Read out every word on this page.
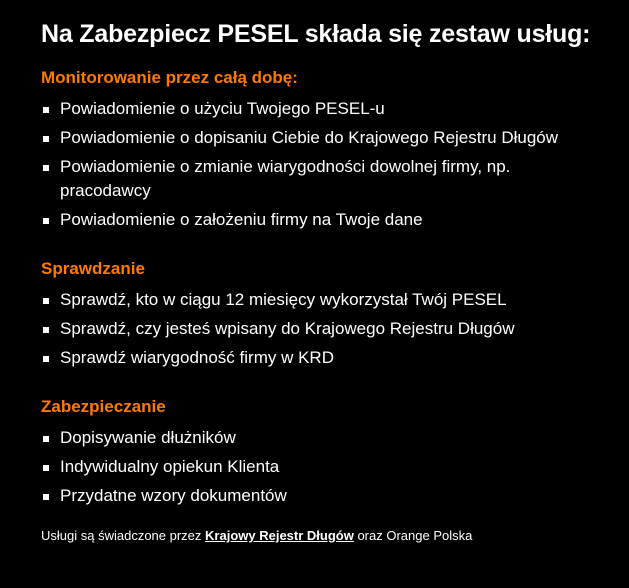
Na Zabezpiecz PESEL składa się zestaw usług:

Monitorowanie przez całą dobę:

Powiadomienie o użyciu Twojego PESEL-u
Powiadomienie o dopisaniu Ciebie do Krajowego Rejestru Długów
Powiadomienie o zmianie wiarygodności dowolnej firmy, np. pracodawcy
Powiadomienie o założeniu firmy na Twoje dane

Sprawdzanie

Sprawdź, kto w ciągu 12 miesięcy wykorzystał Twój PESEL
Sprawdź, czy jesteś wpisany do Krajowego Rejestru Długów
Sprawdź wiarygodność firmy w KRD

Zabezpieczanie

Dopisywanie dłużników
Indywidualny opiekun Klienta
Przydatne wzory dokumentów
Usługi są świadczone przez Krajowy Rejestr Długów oraz Orange Polska
